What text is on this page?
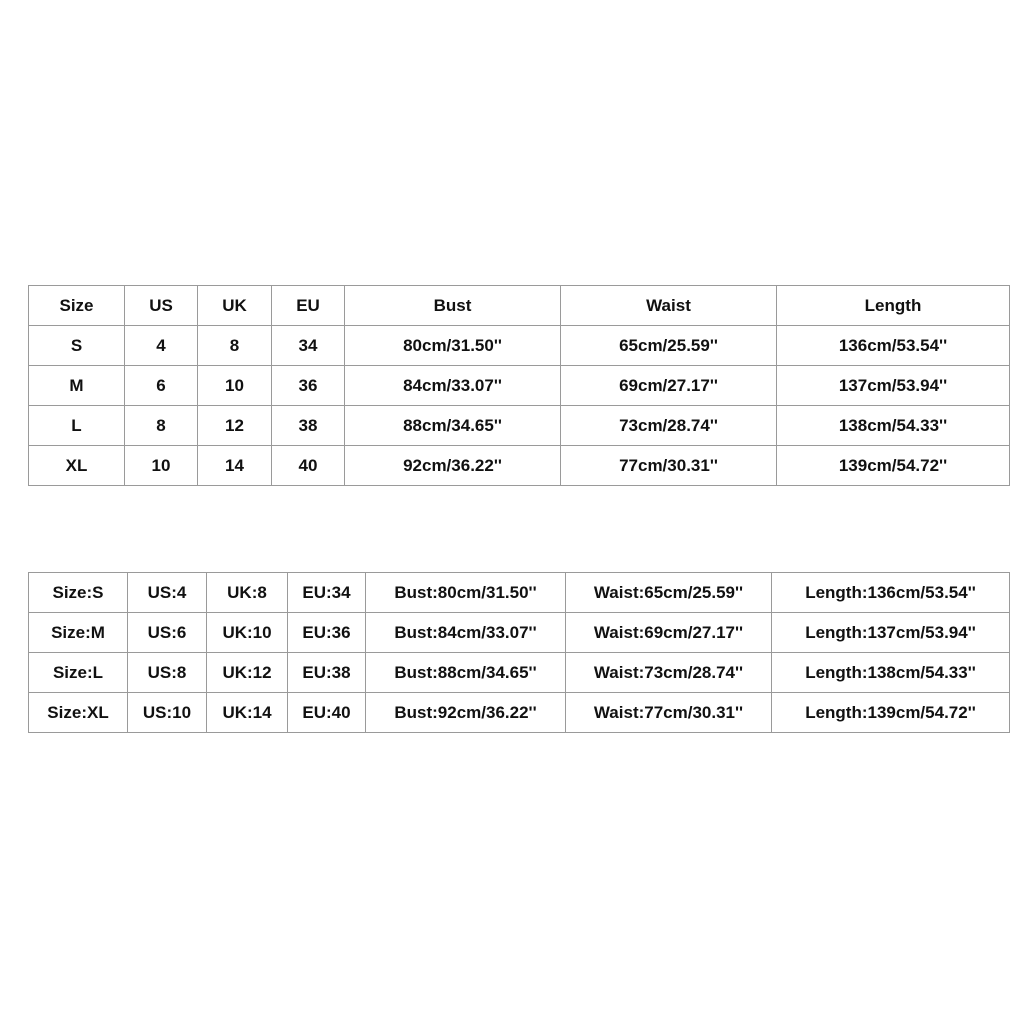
Size	US	UK	EU	Bust	Waist	Length
S	4	8	34	80cm/31.50''	65cm/25.59''	136cm/53.54''
M	6	10	36	84cm/33.07''	69cm/27.17''	137cm/53.94''
L	8	12	38	88cm/34.65''	73cm/28.74''	138cm/54.33''
XL	10	14	40	92cm/36.22''	77cm/30.31''	139cm/54.72''
Size:S	US:4	UK:8	EU:34	Bust:80cm/31.50''	Waist:65cm/25.59''	Length:136cm/53.54''
Size:M	US:6	UK:10	EU:36	Bust:84cm/33.07''	Waist:69cm/27.17''	Length:137cm/53.94''
Size:L	US:8	UK:12	EU:38	Bust:88cm/34.65''	Waist:73cm/28.74''	Length:138cm/54.33''
Size:XL	US:10	UK:14	EU:40	Bust:92cm/36.22''	Waist:77cm/30.31''	Length:139cm/54.72''
